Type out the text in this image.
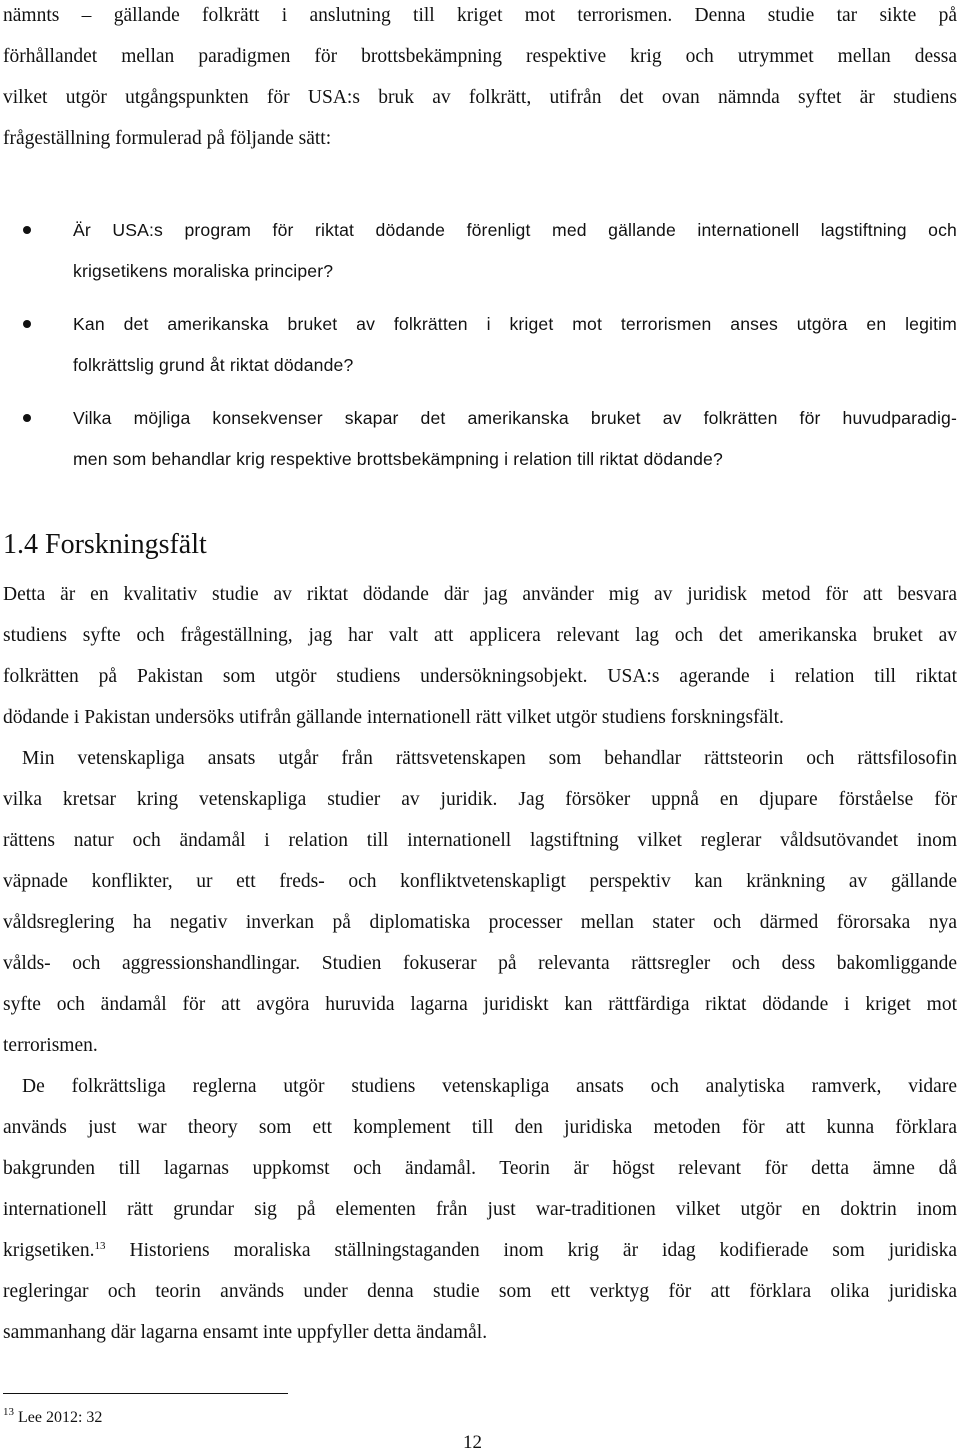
nämnts – gällande folkrätt i anslutning till kriget mot terrorismen. Denna studie tar sikte på
förhållandet mellan paradigmen för brottsbekämpning respektive krig och utrymmet mellan dessa
vilket utgör utgångspunkten för USA:s bruk av folkrätt, utifrån det ovan nämnda syftet är studiens
frågeställning formulerad på följande sätt:
Är USA:s program för riktat dödande förenligt med gällande internationell lagstiftning och
krigsetikens moraliska principer?
Kan det amerikanska bruket av folkrätten i kriget mot terrorismen anses utgöra en legitim
folkrättslig grund åt riktat dödande?
Vilka möjliga konsekvenser skapar det amerikanska bruket av folkrätten för huvudparadig-
men som behandlar krig respektive brottsbekämpning i relation till riktat dödande?
1.4 Forskningsfält
Detta är en kvalitativ studie av riktat dödande där jag använder mig av juridisk metod för att besvara
studiens syfte och frågeställning, jag har valt att applicera relevant lag och det amerikanska bruket av
folkrätten på Pakistan som utgör studiens undersökningsobjekt. USA:s agerande i relation till riktat
dödande i Pakistan undersöks utifrån gällande internationell rätt vilket utgör studiens forskningsfält.
Min vetenskapliga ansats utgår från rättsvetenskapen som behandlar rättsteorin och rättsfilosofin
vilka kretsar kring vetenskapliga studier av juridik. Jag försöker uppnå en djupare förståelse för
rättens natur och ändamål i relation till internationell lagstiftning vilket reglerar våldsutövandet inom
väpnade konflikter, ur ett freds- och konfliktvetenskapligt perspektiv kan kränkning av gällande
våldsreglering ha negativ inverkan på diplomatiska processer mellan stater och därmed förorsaka nya
vålds- och aggressionshandlingar. Studien fokuserar på relevanta rättsregler och dess bakomliggande
syfte och ändamål för att avgöra huruvida lagarna juridiskt kan rättfärdiga riktat dödande i kriget mot
terrorismen.
De folkrättsliga reglerna utgör studiens vetenskapliga ansats och analytiska ramverk, vidare
används just war theory som ett komplement till den juridiska metoden för att kunna förklara
bakgrunden till lagarnas uppkomst och ändamål. Teorin är högst relevant för detta ämne då
internationell rätt grundar sig på elementen från just war-traditionen vilket utgör en doktrin inom
krigsetiken.$^{13}$ Historiens moraliska ställningstaganden inom krig är idag kodifierade som juridiska
regleringar och teorin används under denna studie som ett verktyg för att förklara olika juridiska
sammanhang där lagarna ensamt inte uppfyller detta ändamål.
$^{13}$ Lee 2012: 32
12
